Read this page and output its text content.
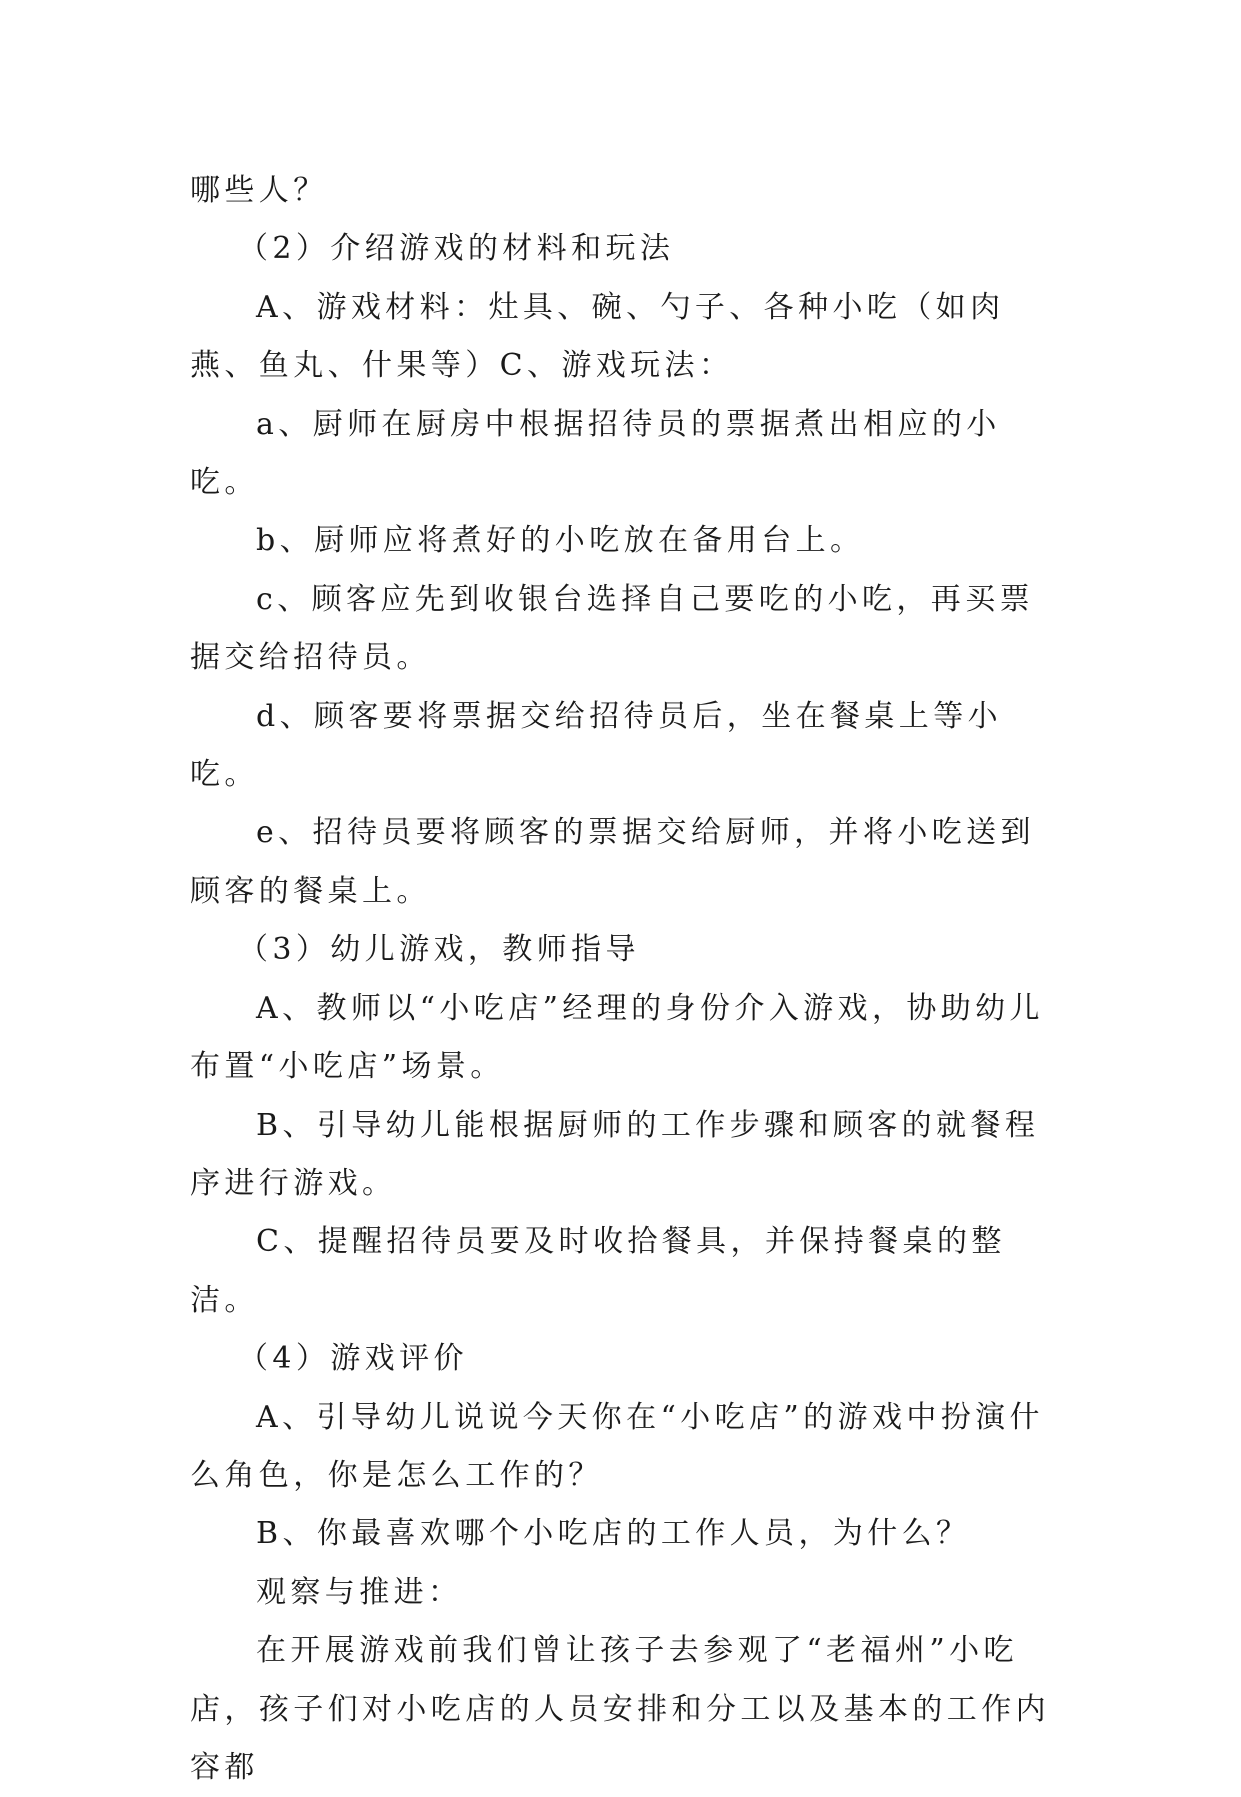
哪些人？

（2）介绍游戏的材料和玩法

A、游戏材料：灶具、碗、勺子、各种小吃（如肉燕、鱼丸、什果等）C、游戏玩法：

a、厨师在厨房中根据招待员的票据煮出相应的小吃。

b、厨师应将煮好的小吃放在备用台上。

c、顾客应先到收银台选择自己要吃的小吃，再买票据交给招待员。

d、顾客要将票据交给招待员后，坐在餐桌上等小吃。

e、招待员要将顾客的票据交给厨师，并将小吃送到顾客的餐桌上。

（3）幼儿游戏，教师指导

A、教师以“小吃店”经理的身份介入游戏，协助幼儿布置“小吃店”场景。

B、引导幼儿能根据厨师的工作步骤和顾客的就餐程序进行游戏。

C、提醒招待员要及时收拾餐具，并保持餐桌的整洁。

（4）游戏评价

A、引导幼儿说说今天你在“小吃店”的游戏中扮演什么角色，你是怎么工作的？

B、你最喜欢哪个小吃店的工作人员，为什么？

观察与推进：

在开展游戏前我们曾让孩子去参观了“老福州”小吃店，孩子们对小吃店的人员安排和分工以及基本的工作内容都
